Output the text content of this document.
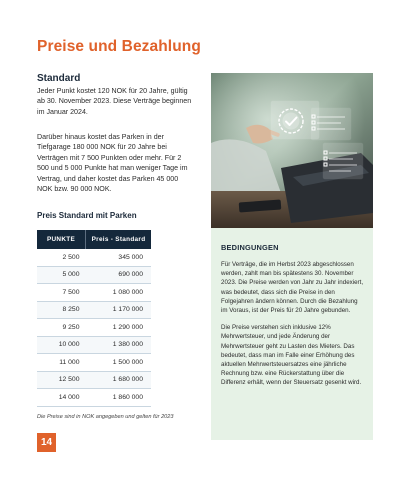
Preise und Bezahlung
Standard

Jeder Punkt kostet 120 NOK für 20 Jahre, gültig ab 30. November 2023. Diese Verträge beginnen im Januar 2024.

Darüber hinaus kostet das Parken in der Tiefgarage 180 000 NOK für 20 Jahre bei Verträgen mit 7 500 Punkten oder mehr. Für 2 500 und 5 000 Punkte hat man weniger Tage im Vertrag, und daher kostet das Parken 45 000 NOK bzw. 90 000 NOK.

Preis Standard mit Parken
PUNKTE	Preis - Standard
2 500	345 000
5 000	690 000
7 500	1 080 000
8 250	1 170 000
9 250	1 290 000
10 000	1 380 000
11 000	1 500 000
12 500	1 680 000
14 000	1 860 000

Die Preise sind in NOK angegeben und gelten für 2023

14
BEDINGUNGEN

Für Verträge, die im Herbst 2023 abgeschlossen werden, zahlt man bis spätestens 30. November 2023. Die Preise werden von Jahr zu Jahr indexiert, was bedeutet, dass sich die Preise in den Folgejahren ändern können. Durch die Bezahlung im Voraus, ist der Preis für 20 Jahre gebunden.

Die Preise verstehen sich inklusive 12% Mehrwertsteuer, und jede Änderung der Mehrwertsteuer geht zu Lasten des Mieters. Das bedeutet, dass man im Falle einer Erhöhung des aktuellen Mehrwertsteuersatzes eine jährliche Rechnung bzw. eine Rückerstattung über die Differenz erhält, wenn der Steuersatz gesenkt wird.
